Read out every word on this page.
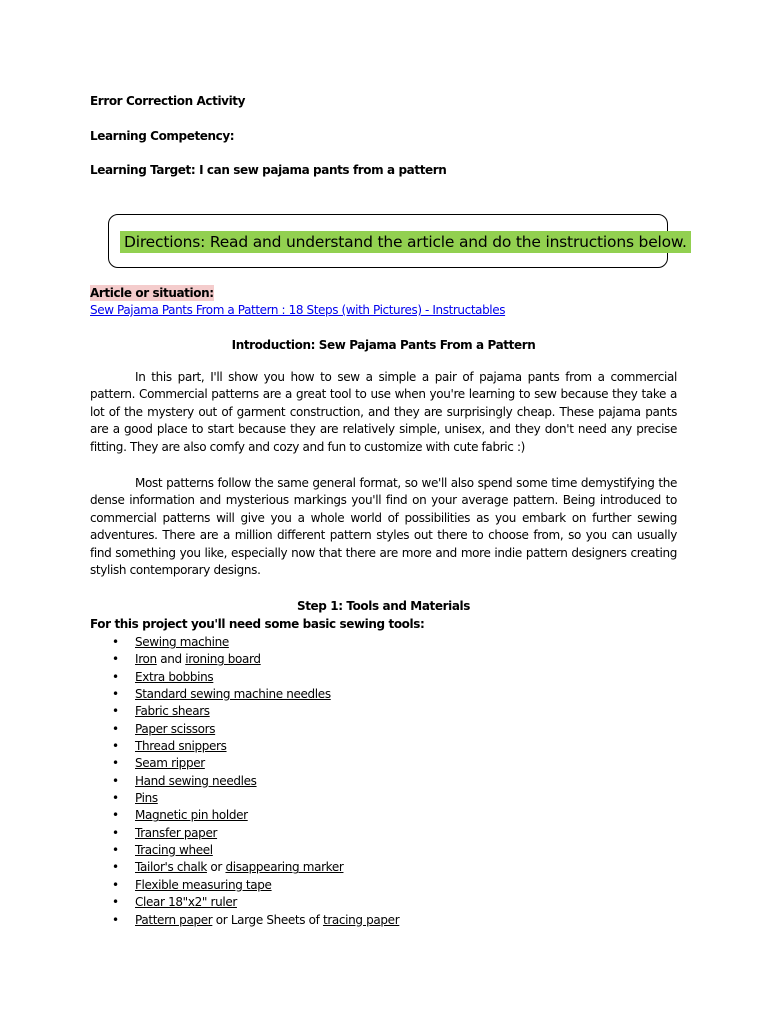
Error Correction Activity
Learning Competency:
Learning Target: I can sew pajama pants from a pattern
Directions: Read and understand the article and do the instructions below.
Article or situation:
Sew Pajama Pants From a Pattern : 18 Steps (with Pictures) - Instructables
Introduction: Sew Pajama Pants From a Pattern

In this part, I'll show you how to sew a simple a pair of pajama pants from a commercial pattern. Commercial patterns are a great tool to use when you're learning to sew because they take a lot of the mystery out of garment construction, and they are surprisingly cheap. These pajama pants are a good place to start because they are relatively simple, unisex, and they don't need any precise fitting. They are also comfy and cozy and fun to customize with cute fabric :)

Most patterns follow the same general format, so we'll also spend some time demystifying the dense information and mysterious markings you'll find on your average pattern. Being introduced to commercial patterns will give you a whole world of possibilities as you embark on further sewing adventures. There are a million different pattern styles out there to choose from, so you can usually find something you like, especially now that there are more and more indie pattern designers creating stylish contemporary designs.

Step 1: Tools and Materials
For this project you'll need some basic sewing tools:
• Sewing machine
• Iron and ironing board
• Extra bobbins
• Standard sewing machine needles
• Fabric shears
• Paper scissors
• Thread snippers
• Seam ripper
• Hand sewing needles
• Pins
• Magnetic pin holder
• Transfer paper
• Tracing wheel
• Tailor's chalk or disappearing marker
• Flexible measuring tape
• Clear 18"x2" ruler
• Pattern paper or Large Sheets of tracing paper
